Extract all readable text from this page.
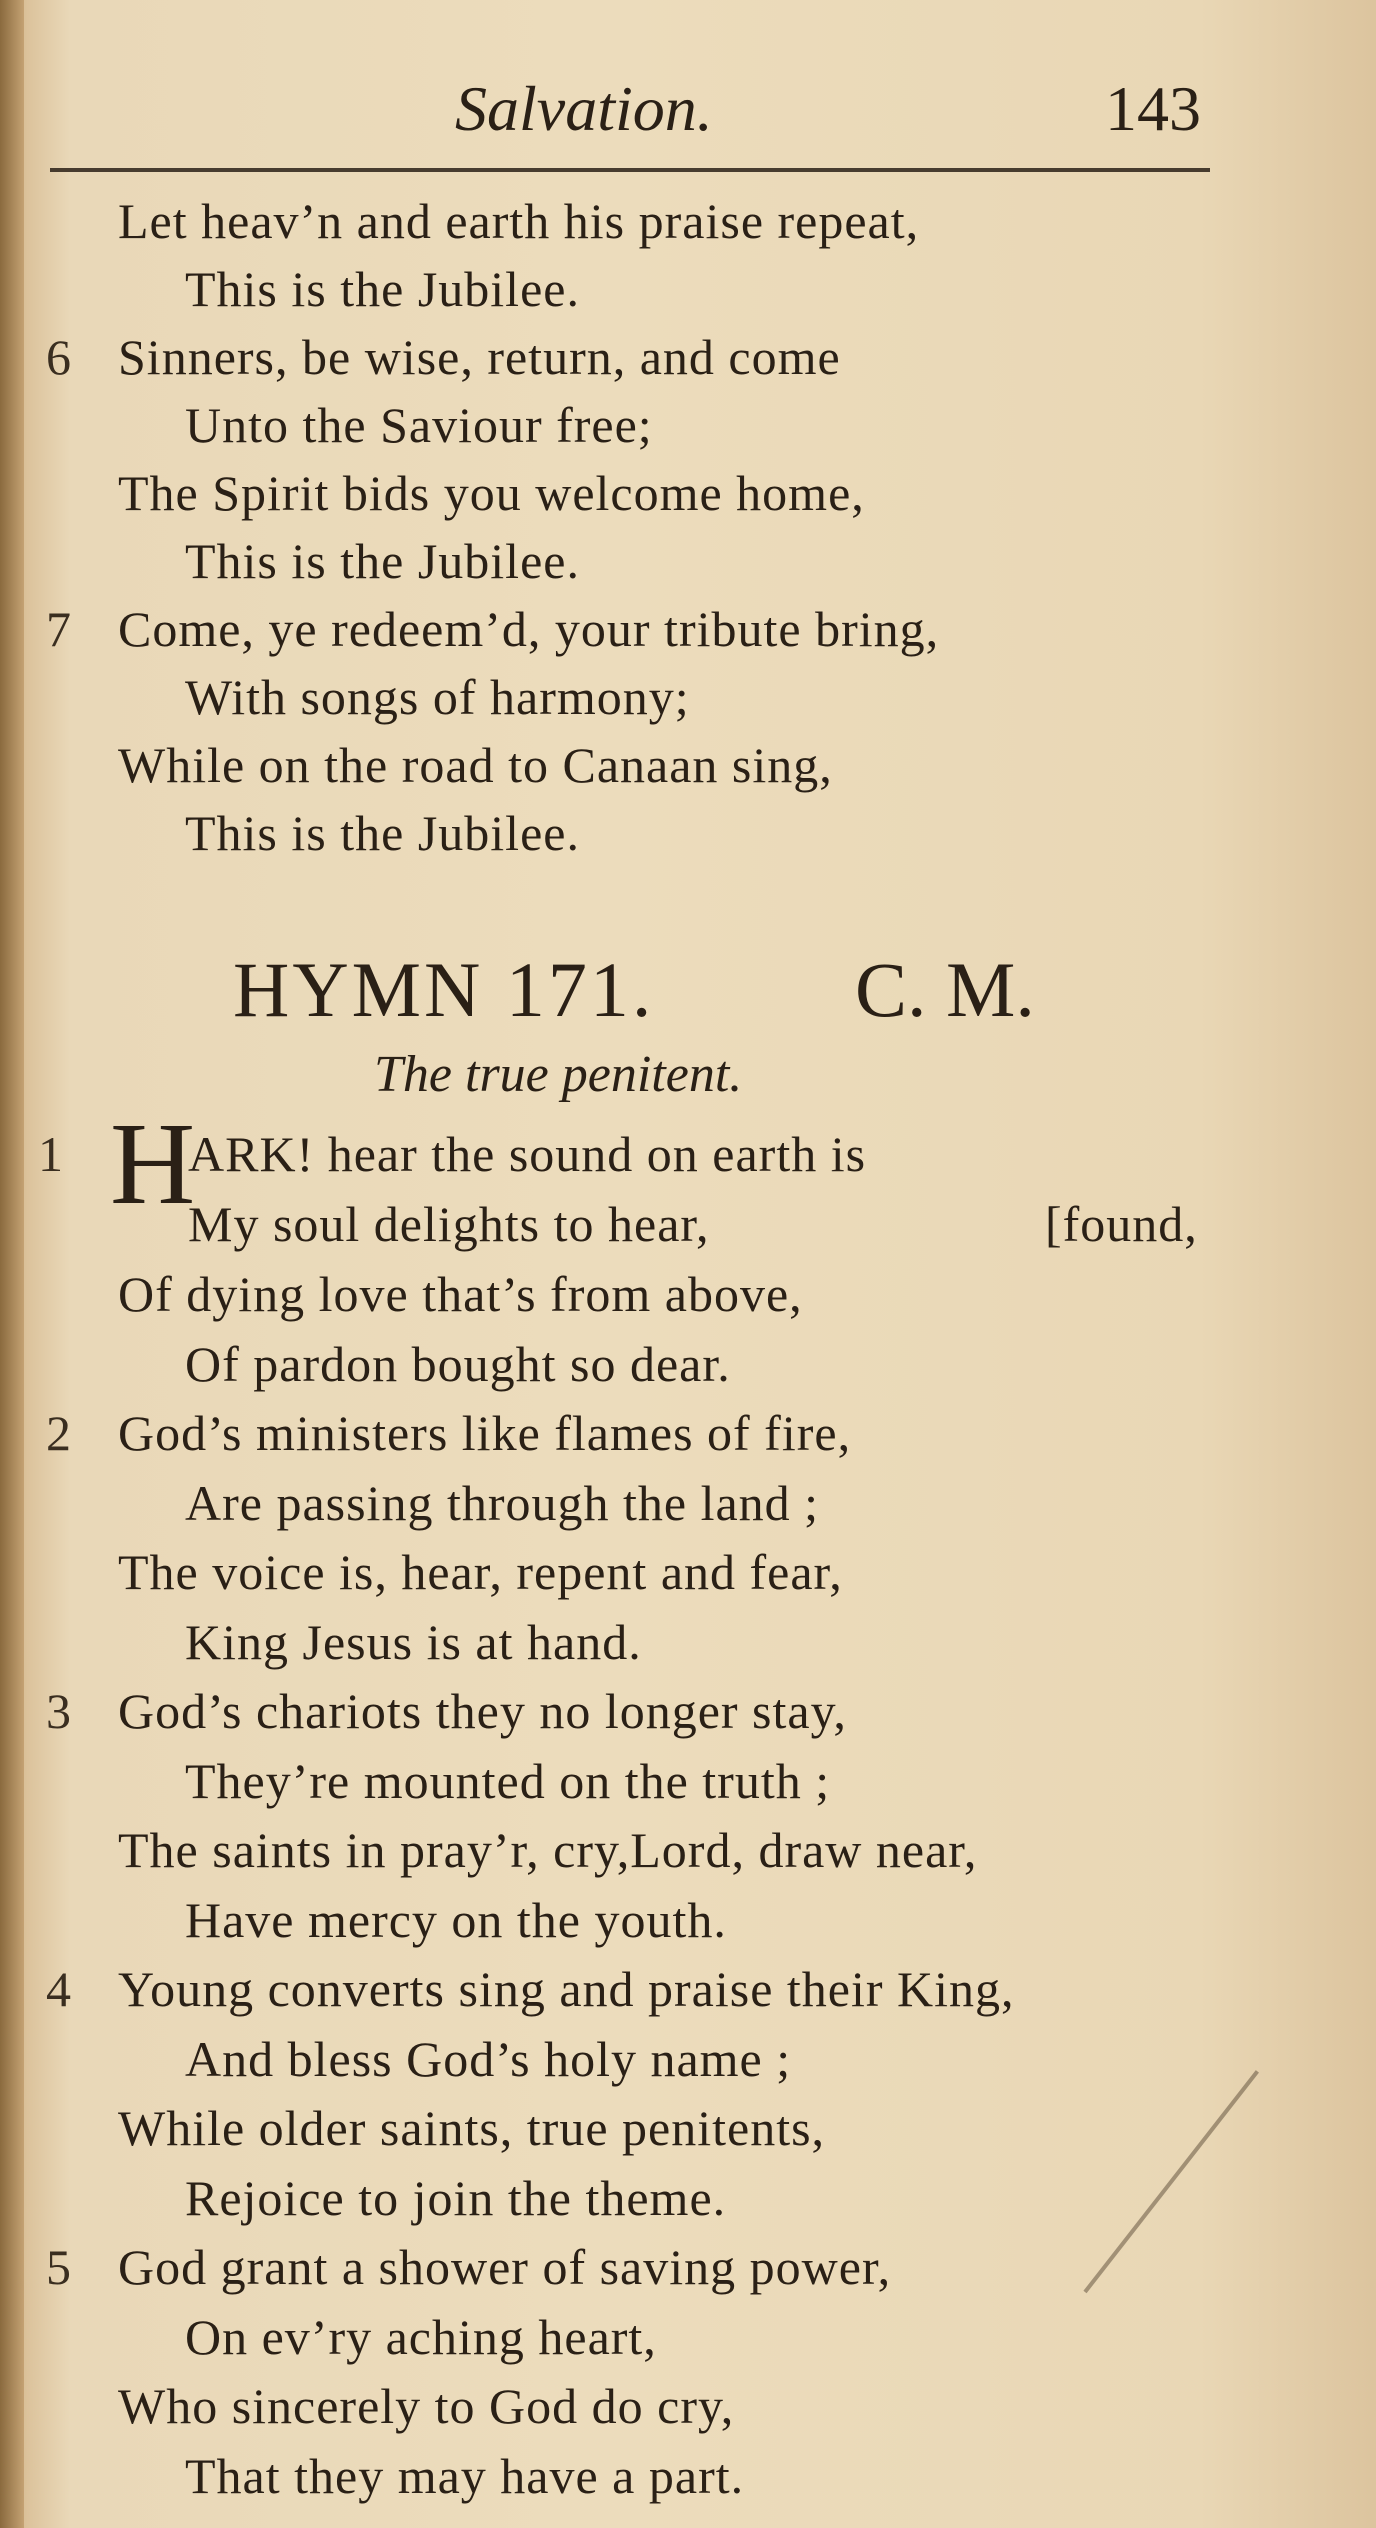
Salvation.	143
Let heav’n and earth his praise repeat,
This is the Jubilee.
6 Sinners, be wise, return, and come
Unto the Saviour free;
The Spirit bids you welcome home,
This is the Jubilee.
7 Come, ye redeem’d, your tribute bring,
With songs of harmony;
While on the road to Canaan sing,
This is the Jubilee.
HYMN 171.	C. M.
The true penitent.
1 H
ARK! hear the sound on earth is
My soul delights to hear,	[found,
Of dying love that’s from above,
Of pardon bought so dear.
2 God’s ministers like flames of fire,
Are passing through the land ;
The voice is, hear, repent and fear,
King Jesus is at hand.
3 God’s chariots they no longer stay,
They’re mounted on the truth ;
The saints in pray’r, cry,Lord, draw near,
Have mercy on the youth.
4 Young converts sing and praise their King,
And bless God’s holy name ;
While older saints, true penitents,
Rejoice to join the theme.
5 God grant a shower of saving power,
On ev’ry aching heart,
Who sincerely to God do cry,
That they may have a part.
